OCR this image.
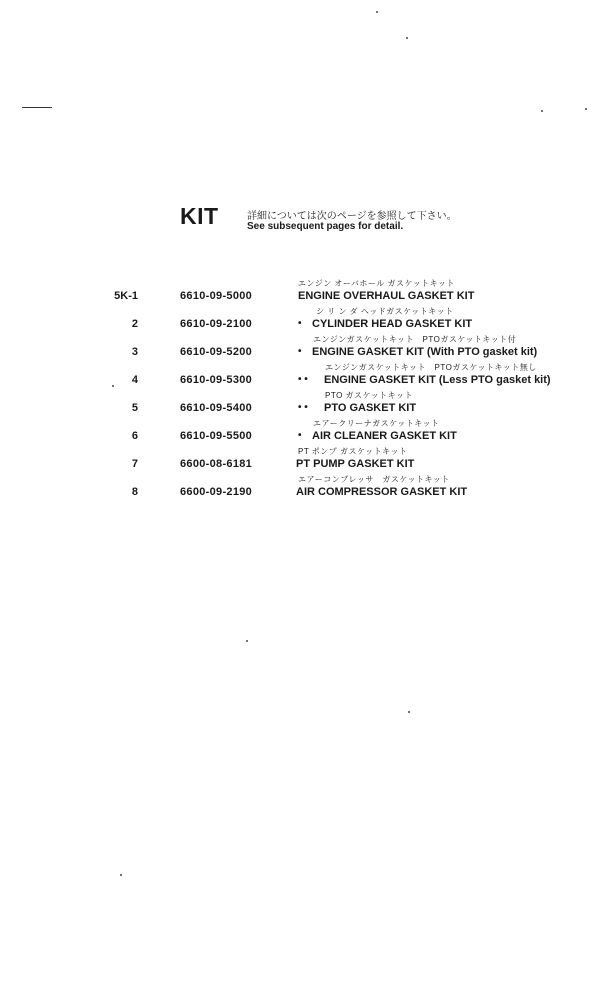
KIT	詳細については次のページを参照して下さい。
See subsequent pages for detail.
エンジン オーバホール ガスケットキット
5K-1	6610-09-5000	ENGINE OVERHAUL GASKET KIT
シ リ ン ダ ヘッドガスケットキット
2	6610-09-2100	• CYLINDER HEAD GASKET KIT
エンジンガスケットキット　PTOガスケットキット付
3	6610-09-5200	• ENGINE GASKET KIT (With PTO gasket kit)
エンジンガスケットキット　PTOガスケットキット無し
4	6610-09-5300	• • ENGINE GASKET KIT (Less PTO gasket kit)
PTO ガスケットキット
5	6610-09-5400	• • PTO GASKET KIT
エアークリーナガスケットキット
6	6610-09-5500	• AIR CLEANER GASKET KIT
PT ポンプ ガスケットキット
7	6600-08-6181	PT PUMP GASKET KIT
エアーコンプレッサ　ガスケットキット
8	6600-09-2190	AIR COMPRESSOR GASKET KIT
